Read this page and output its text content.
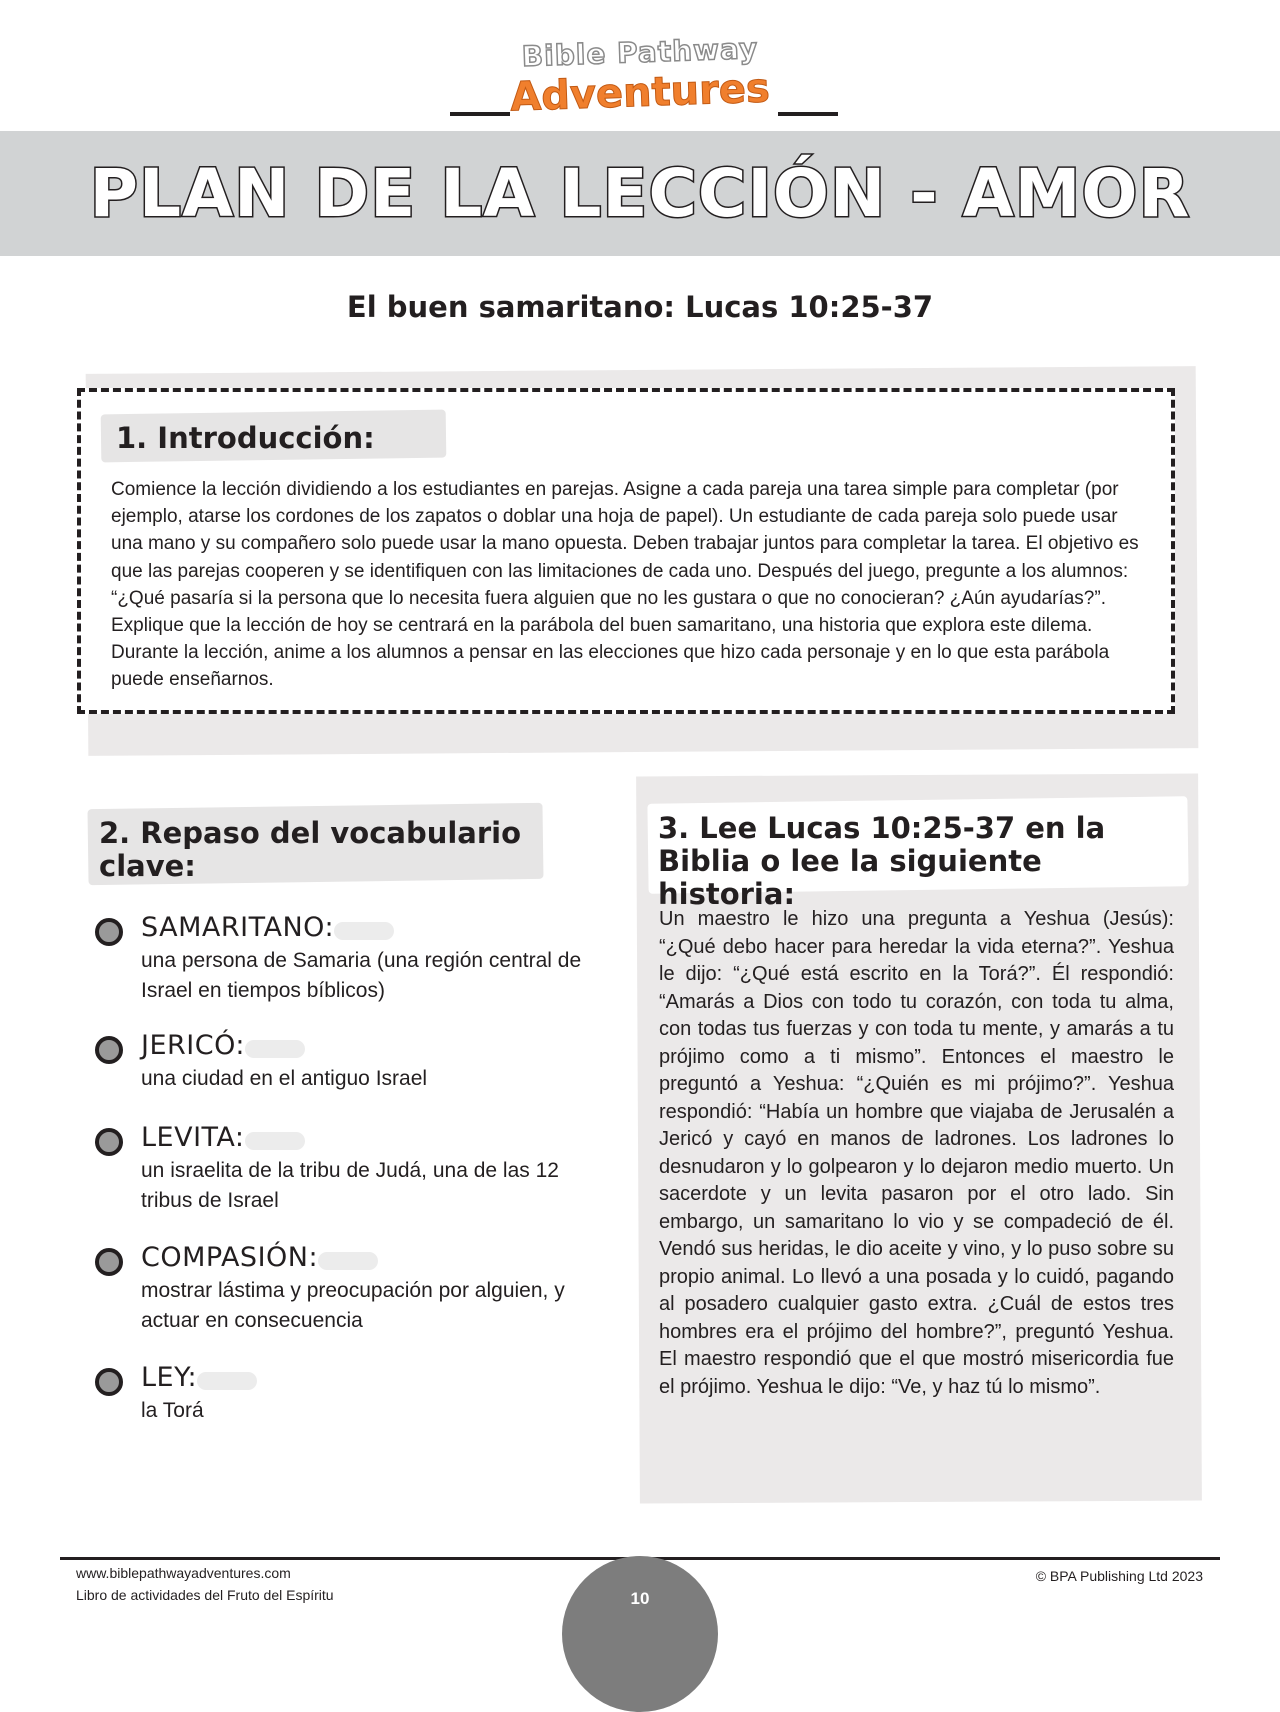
Bible Pathway
Adventures
PLAN DE LA LECCIÓN - AMOR
El buen samaritano: Lucas 10:25-37
1. Introducción:
Comience la lección dividiendo a los estudiantes en parejas. Asigne a cada pareja una tarea simple para completar (por ejemplo, atarse los cordones de los zapatos o doblar una hoja de papel). Un estudiante de cada pareja solo puede usar una mano y su compañero solo puede usar la mano opuesta. Deben trabajar juntos para completar la tarea. El objetivo es que las parejas cooperen y se identifiquen con las limitaciones de cada uno. Después del juego, pregunte a los alumnos: “¿Qué pasaría si la persona que lo necesita fuera alguien que no les gustara o que no conocieran? ¿Aún ayudarías?”. Explique que la lección de hoy se centrará en la parábola del buen samaritano, una historia que explora este dilema. Durante la lección, anime a los alumnos a pensar en las elecciones que hizo cada personaje y en lo que esta parábola puede enseñarnos.
2. Repaso del vocabulario clave:
SAMARITANO:
una persona de Samaria (una región central de Israel en tiempos bíblicos)
JERICÓ:
una ciudad en el antiguo Israel
LEVITA:
un israelita de la tribu de Judá, una de las 12 tribus de Israel
COMPASIÓN:
mostrar lástima y preocupación por alguien, y actuar en consecuencia
LEY:
la Torá
3. Lee Lucas 10:25-37 en la Biblia o lee la siguiente historia:
Un maestro le hizo una pregunta a Yeshua (Jesús): “¿Qué debo hacer para heredar la vida eterna?”. Yeshua le dijo: “¿Qué está escrito en la Torá?”. Él respondió: “Amarás a Dios con todo tu corazón, con toda tu alma, con todas tus fuerzas y con toda tu mente, y amarás a tu prójimo como a ti mismo”. Entonces el maestro le preguntó a Yeshua: “¿Quién es mi prójimo?”. Yeshua respondió: “Había un hombre que viajaba de Jerusalén a Jericó y cayó en manos de ladrones. Los ladrones lo desnudaron y lo golpearon y lo dejaron medio muerto. Un sacerdote y un levita pasaron por el otro lado. Sin embargo, un samaritano lo vio y se compadeció de él. Vendó sus heridas, le dio aceite y vino, y lo puso sobre su propio animal. Lo llevó a una posada y lo cuidó, pagando al posadero cualquier gasto extra. ¿Cuál de estos tres hombres era el prójimo del hombre?”, preguntó Yeshua. El maestro respondió que el que mostró misericordia fue el prójimo. Yeshua le dijo: “Ve, y haz tú lo mismo”.
www.biblepathwayadventures.com
Libro de actividades del Fruto del Espíritu
© BPA Publishing Ltd 2023
10
